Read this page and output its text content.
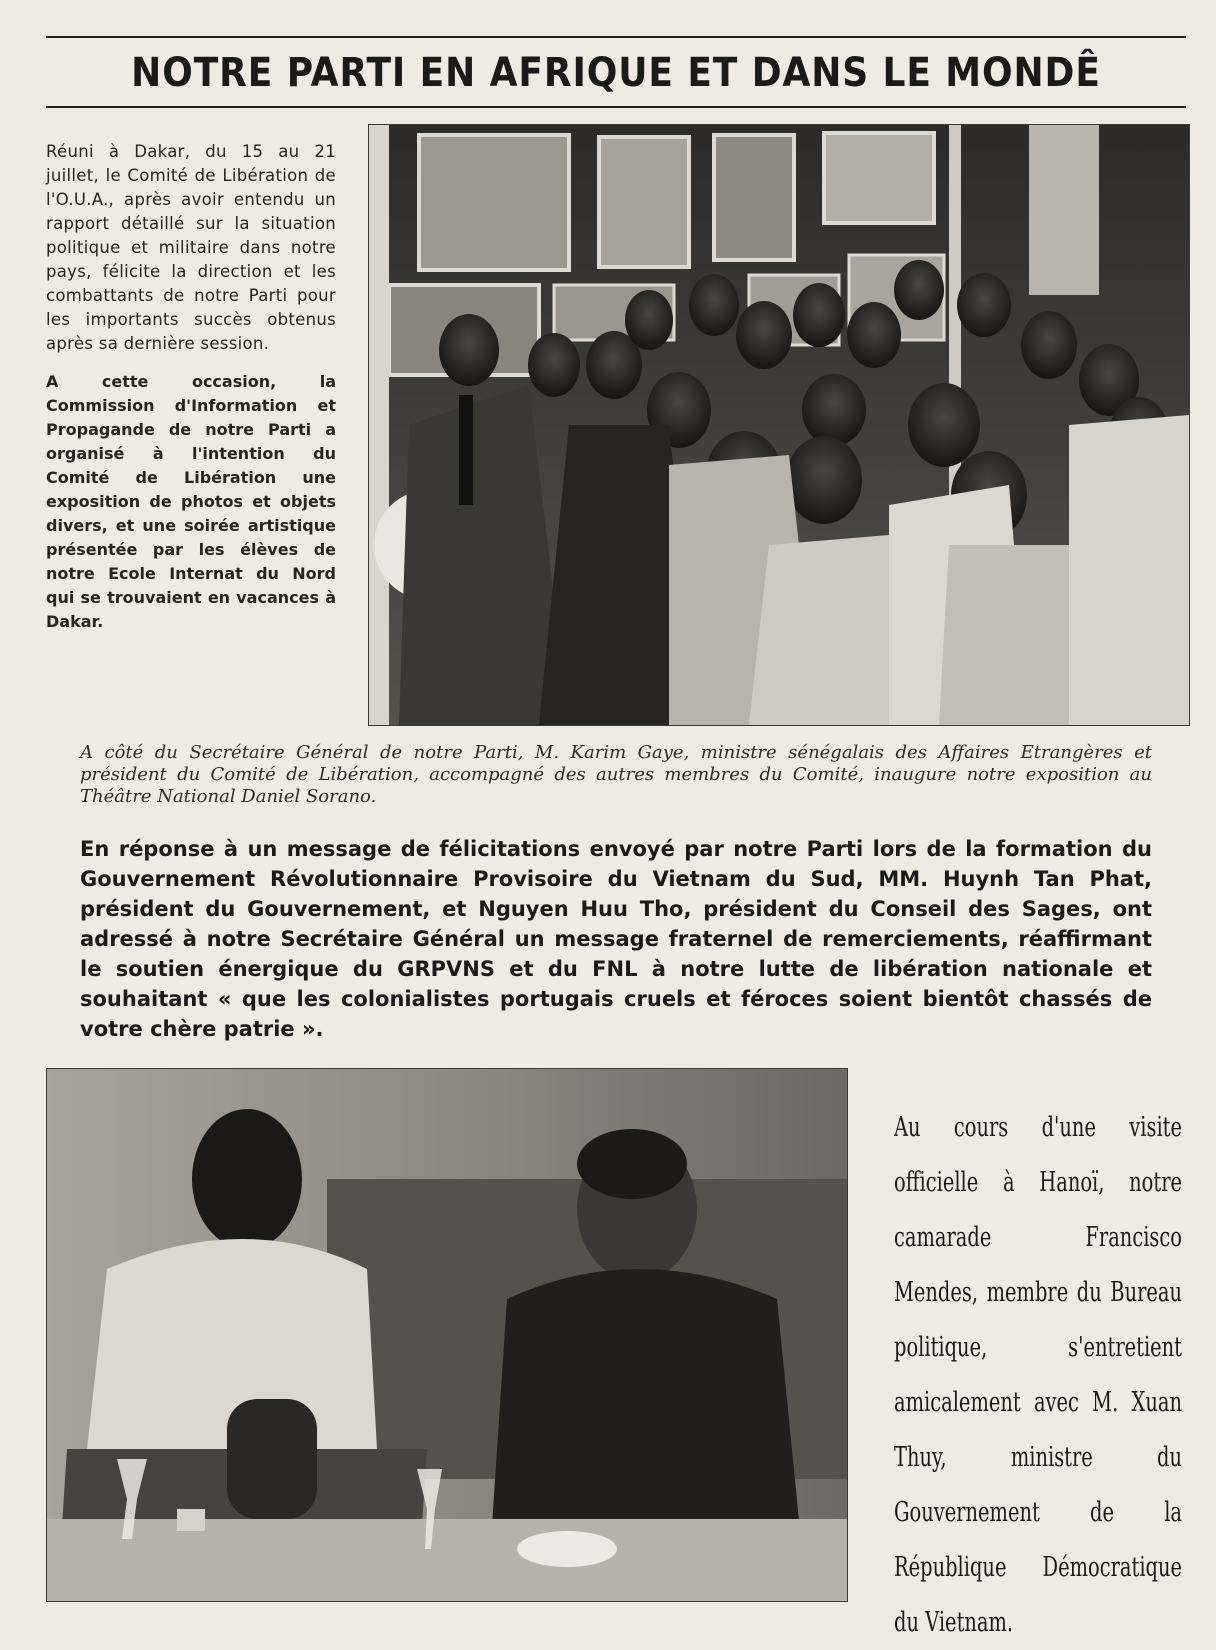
NOTRE PARTI EN AFRIQUE ET DANS LE MONDÊ

Réuni à Dakar, du 15 au 21 juillet, le Comité de Libération de l'O.U.A., après avoir entendu un rapport détaillé sur la situation politique et militaire dans notre pays, félicite la direction et les combattants de notre Parti pour les importants succès obtenus après sa dernière session.

A cette occasion, la Commission d'Information et Propagande de notre Parti a organisé à l'intention du Comité de Libération une exposition de photos et objets divers, et une soirée artistique présentée par les élèves de notre Ecole Internat du Nord qui se trouvaient en vacances à Dakar.

A côté du Secrétaire Général de notre Parti, M. Karim Gaye, ministre sénégalais des Affaires Etrangères et président du Comité de Libération, accompagné des autres membres du Comité, inaugure notre exposition au Théâtre National Daniel Sorano.
En réponse à un message de félicitations envoyé par notre Parti lors de la formation du Gouvernement Révolutionnaire Provisoire du Vietnam du Sud, MM. Huynh Tan Phat, président du Gouvernement, et Nguyen Huu Tho, président du Conseil des Sages, ont adressé à notre Secrétaire Général un message fraternel de remerciements, réaffirmant le soutien énergique du GRPVNS et du FNL à notre lutte de libération nationale et souhaitant « que les colonialistes portugais cruels et féroces soient bientôt chassés de votre chère patrie ».
Au cours d'une visite officielle à Hanoï, notre camarade Francisco Mendes, membre du Bureau politique, s'entretient amicalement avec M. Xuan Thuy, ministre du Gouvernement de la République Démocratique du Vietnam.
